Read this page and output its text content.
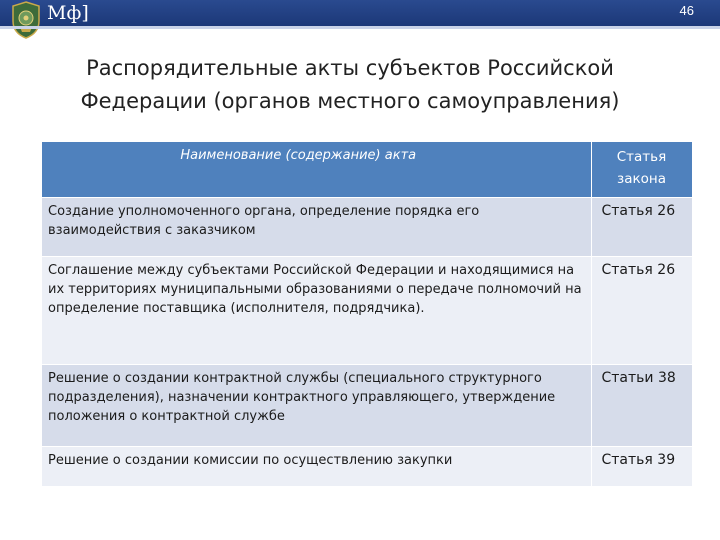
Мф]	46
Распорядительные акты субъектов Российской
Федерации (органов местного самоуправления)
Наименование (содержание) акта	Статья закона
Создание уполномоченного органа, определение порядка его взаимодействия с заказчиком	Статья 26
Соглашение между субъектами Российской Федерации и находящимися на их территориях муниципальными образованиями о передаче полномочий на определение поставщика (исполнителя, подрядчика).	Статья 26
Решение о создании контрактной службы (специального структурного подразделения), назначении контрактного управляющего, утверждение положения о контрактной службе	Статьи 38
Решение о создании комиссии по осуществлению закупки	Статья 39
